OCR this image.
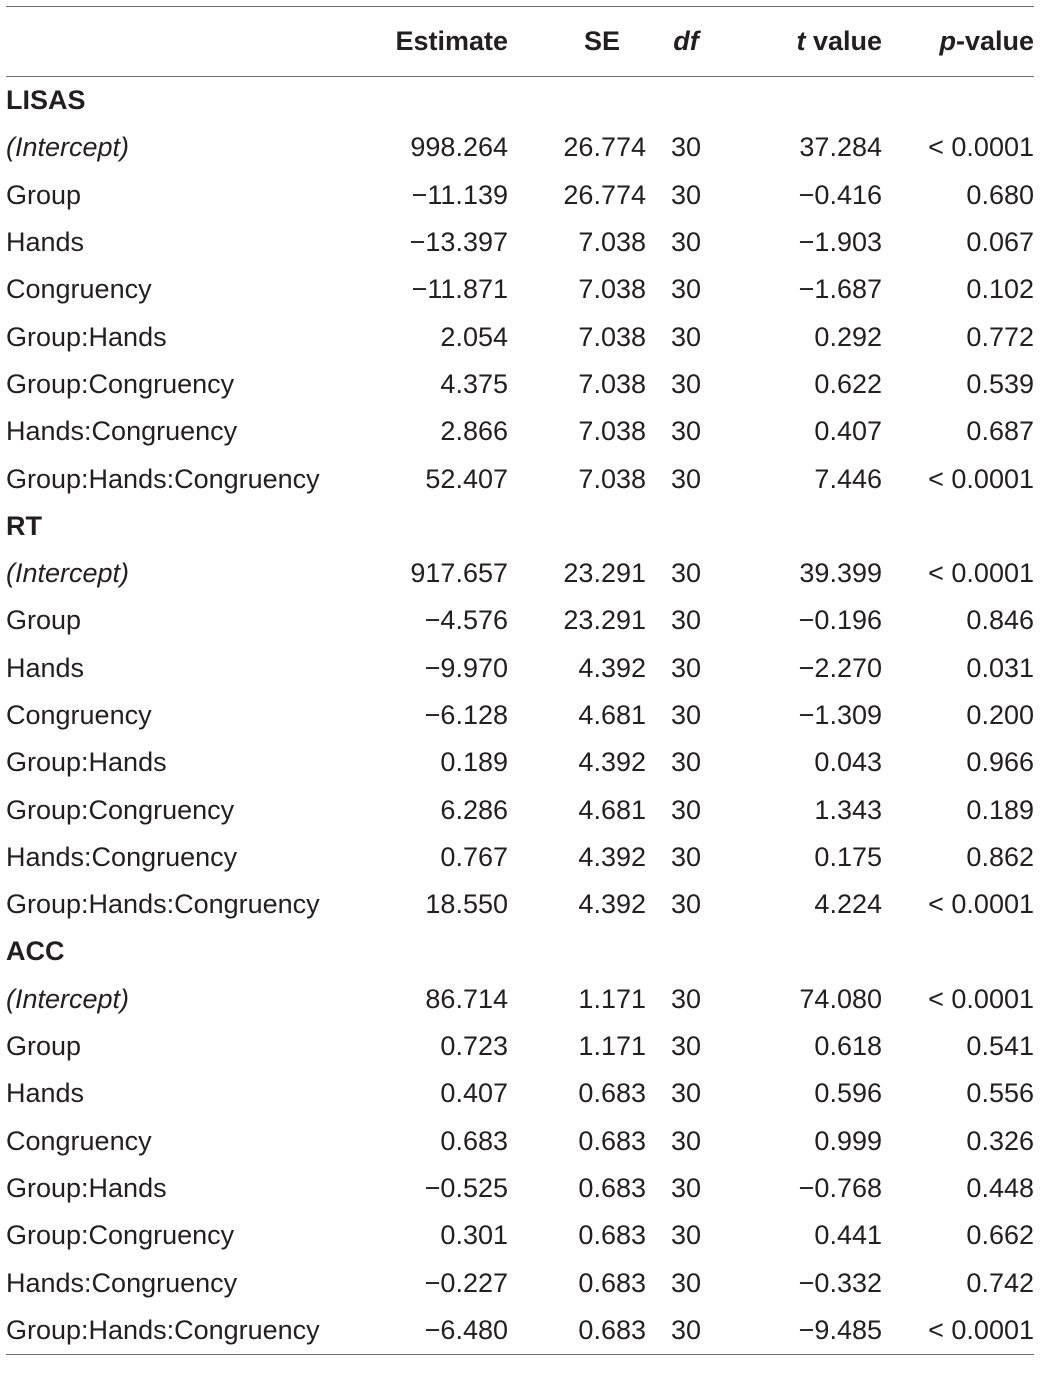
	Estimate	SE	df	t value	p-value
LISAS					
(Intercept)	998.264	26.774	30	37.284	< 0.0001
Group	−11.139	26.774	30	−0.416	0.680
Hands	−13.397	7.038	30	−1.903	0.067
Congruency	−11.871	7.038	30	−1.687	0.102
Group:Hands	2.054	7.038	30	0.292	0.772
Group:Congruency	4.375	7.038	30	0.622	0.539
Hands:Congruency	2.866	7.038	30	0.407	0.687
Group:Hands:Congruency	52.407	7.038	30	7.446	< 0.0001
RT					
(Intercept)	917.657	23.291	30	39.399	< 0.0001
Group	−4.576	23.291	30	−0.196	0.846
Hands	−9.970	4.392	30	−2.270	0.031
Congruency	−6.128	4.681	30	−1.309	0.200
Group:Hands	0.189	4.392	30	0.043	0.966
Group:Congruency	6.286	4.681	30	1.343	0.189
Hands:Congruency	0.767	4.392	30	0.175	0.862
Group:Hands:Congruency	18.550	4.392	30	4.224	< 0.0001
ACC					
(Intercept)	86.714	1.171	30	74.080	< 0.0001
Group	0.723	1.171	30	0.618	0.541
Hands	0.407	0.683	30	0.596	0.556
Congruency	0.683	0.683	30	0.999	0.326
Group:Hands	−0.525	0.683	30	−0.768	0.448
Group:Congruency	0.301	0.683	30	0.441	0.662
Hands:Congruency	−0.227	0.683	30	−0.332	0.742
Group:Hands:Congruency	−6.480	0.683	30	−9.485	< 0.0001
